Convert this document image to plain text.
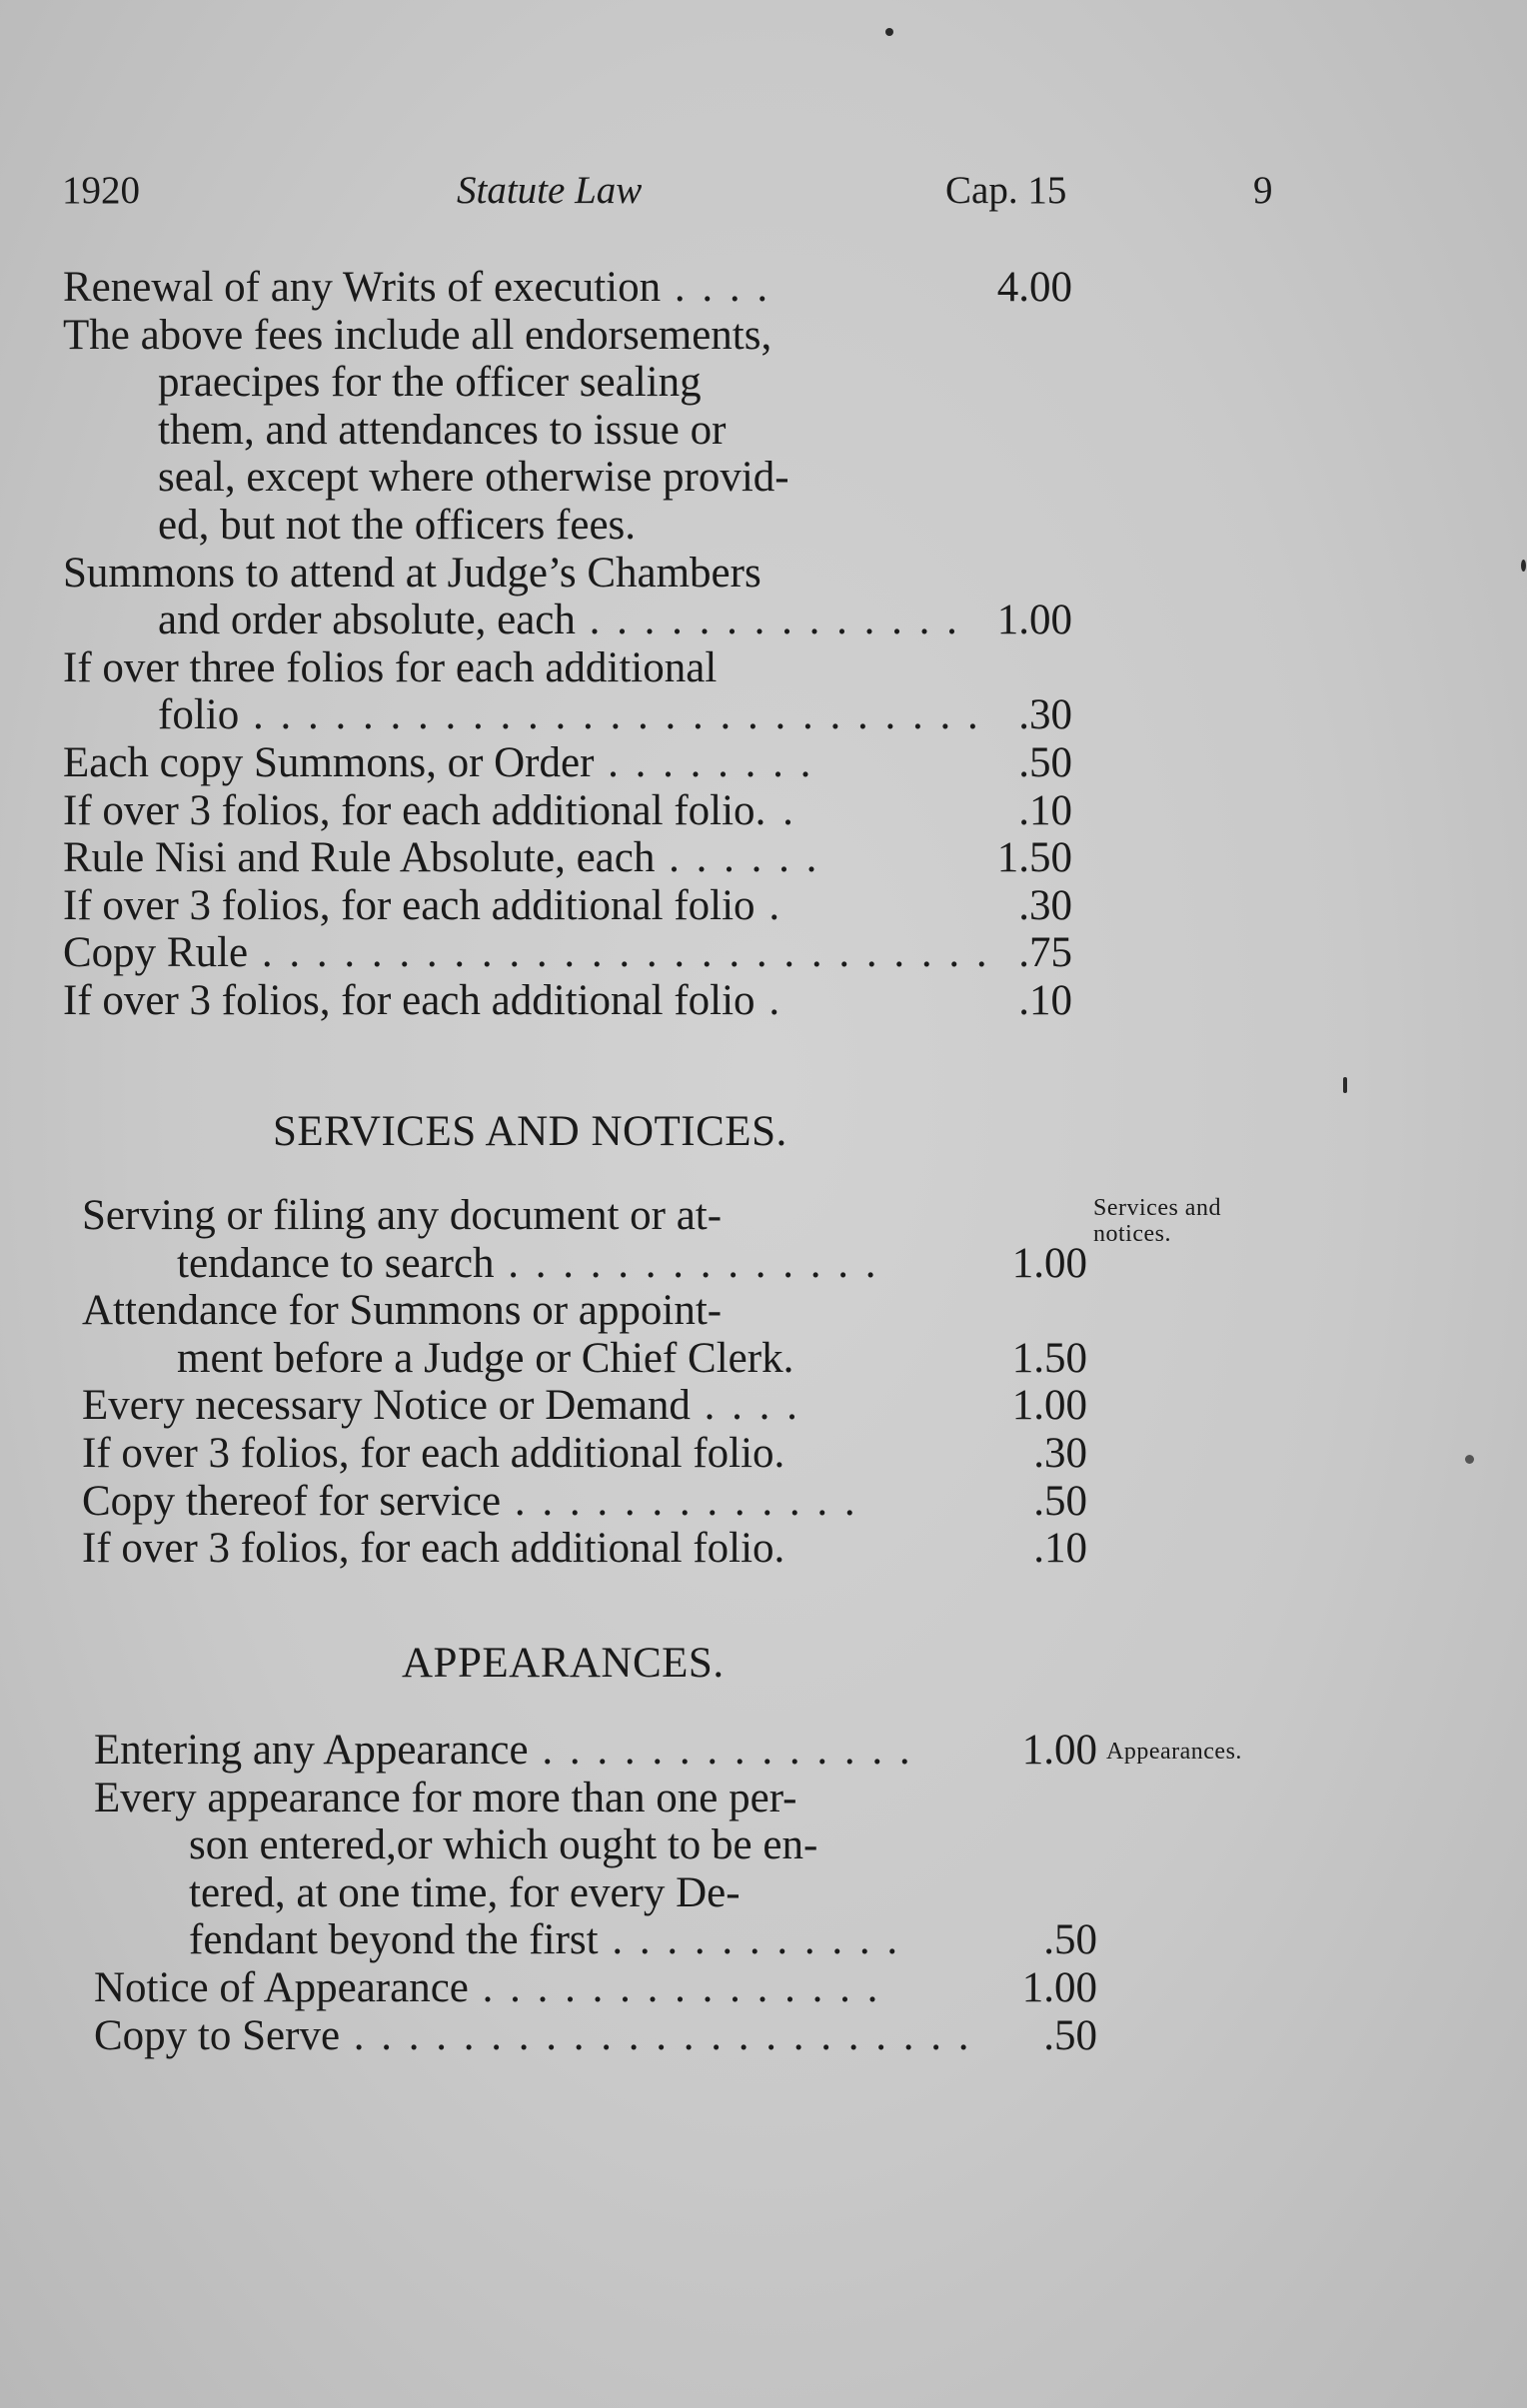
1920	Statute Law	Cap. 15	9
Renewal of any Writs of execution . . . .	4.00
The above fees include all endorsements,
praecipes for the officer sealing
them, and attendances to issue or
seal, except where otherwise provid-
ed, but not the officers fees.
Summons to attend at Judge’s Chambers
and order absolute, each . . . . . . . . . . . . . . 1.00
If over three folios for each additional
folio . . . . . . . . . . . . . . . . . . . . . . . . . . . .30
Each copy Summons, or Order . . . . . . . .	.50
If over 3 folios, for each additional folio. .	.10
Rule Nisi and Rule Absolute, each . . . . . .	1.50
If over 3 folios, for each additional folio .	.30
Copy Rule . . . . . . . . . . . . . . . . . . . . . . . . . . . .75
If over 3 folios, for each additional folio .	.10
SERVICES AND NOTICES.
Services and
notices.
Serving or filing any document or at-
tendance to search . . . . . . . . . . . . . .	1.00
Attendance for Summons or appoint-
ment before a Judge or Chief Clerk.	1.50
Every necessary Notice or Demand . . . .	1.00
If over 3 folios, for each additional folio.	.30
Copy thereof for service . . . . . . . . . . . . .	.50
If over 3 folios, for each additional folio.	.10
APPEARANCES.
Appearances.
Entering any Appearance . . . . . . . . . . . . . .	1.00
Every appearance for more than one per-
son entered,or which ought to be en-
tered, at one time, for every De-
fendant beyond the first . . . . . . . . . . .	.50
Notice of Appearance . . . . . . . . . . . . . . .	1.00
Copy to Serve . . . . . . . . . . . . . . . . . . . . . . . .50
